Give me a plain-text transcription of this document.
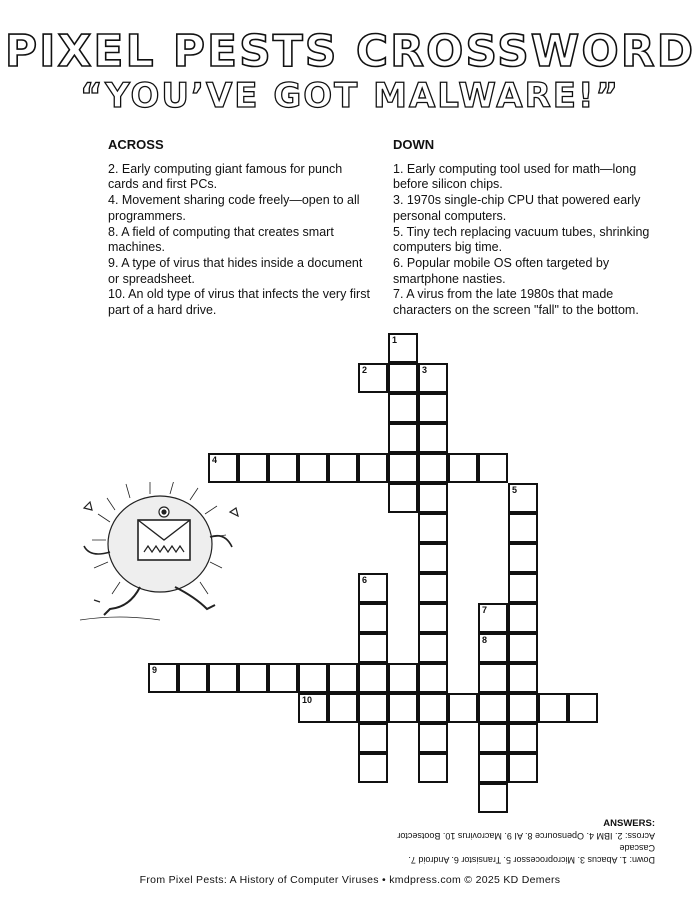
PIXEL PESTS CROSSWORD
“YOU’VE GOT MALWARE!”
ACROSS

2. Early computing giant famous for punch cards and first PCs.

4. Movement sharing code freely—open to all programmers.

8. A field of computing that creates smart machines.

9. A type of virus that hides inside a document or spreadsheet.

10. An old type of virus that infects the very first part of a hard drive.

DOWN

1. Early computing tool used for math—long before silicon chips.

3. 1970s single-chip CPU that powered early personal computers.

5. Tiny tech replacing vacuum tubes, shrinking computers big time.

6. Popular mobile OS often targeted by smartphone nasties.

7. A virus from the late 1980s that made characters on the screen "fall" to the bottom.

1
2	3
4
5
6
7
8
9
10
ANSWERS:
Across: 2. IBM 4. Opensource 8. AI 9. Macrovirus 10. Bootsector
Down: 1. Abacus 3. Microprocessor 5. Transistor 6. Android 7. Cascade
From Pixel Pests: A History of Computer Viruses • kmdpress.com © 2025 KD Demers
